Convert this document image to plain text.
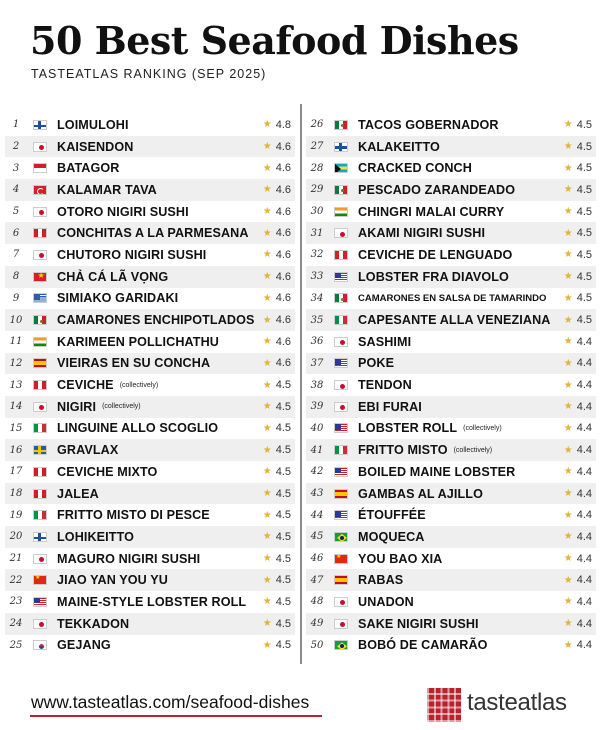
50 Best Seafood Dishes
TASTEATLAS RANKING (SEP 2025)
1	LOIMULOHI	★ 4.8
2	KAISENDON	★ 4.6
3	BATAGOR	★ 4.6
4	KALAMAR TAVA	★ 4.6
5	OTORO NIGIRI SUSHI	★ 4.6
6	CONCHITAS A LA PARMESANA ★ 4.6
7	CHUTORO NIGIRI SUSHI	★ 4.6
8 ★	CHẢ CÁ LÃ VỌNG	★ 4.6
9	SIMIAKO GARIDAKI	★ 4.6
10	CAMARONES ENCHIPOTLADOS ★ 4.6
11	KARIMEEN POLLICHATHU	★ 4.6
12	VIEIRAS EN SU CONCHA	★ 4.6
13	CEVICHE (collectively)	★ 4.5
14	NIGIRI (collectively)	★ 4.5
15	LINGUINE ALLO SCOGLIO	★ 4.5
16	GRAVLAX	★ 4.5
17	CEVICHE MIXTO	★ 4.5
18	JALEA	★ 4.5
19	FRITTO MISTO DI PESCE	★ 4.5
20	LOHIKEITTO	★ 4.5
21	MAGURO NIGIRI SUSHI	★ 4.5
22 ★	JIAO YAN YOU YU	★ 4.5
23	MAINE-STYLE LOBSTER ROLL ★ 4.5
24	TEKKADON	★ 4.5
25	GEJANG	★ 4.5
26	TACOS GOBERNADOR	★ 4.5
27	KALAKEITTO	★ 4.5
28	CRACKED CONCH	★ 4.5
29	PESCADO ZARANDEADO	★ 4.5
30	CHINGRI MALAI CURRY	★ 4.5
31	AKAMI NIGIRI SUSHI	★ 4.5
32	CEVICHE DE LENGUADO	★ 4.5
33	LOBSTER FRA DIAVOLO	★ 4.5
34	CAMARONES EN SALSA DE TAMARINDO ★ 4.5
35	CAPESANTE ALLA VENEZIANA ★ 4.5
36	SASHIMI	★ 4.4
37	POKE	★ 4.4
38	TENDON	★ 4.4
39	EBI FURAI	★ 4.4
40	LOBSTER ROLL (collectively)	★ 4.4
41	FRITTO MISTO (collectively)	★ 4.4
42	BOILED MAINE LOBSTER	★ 4.4
43	GAMBAS AL AJILLO	★ 4.4
44	ÉTOUFFÉE	★ 4.4
45	MOQUECA	★ 4.4
46 ★	YOU BAO XIA	★ 4.4
47	RABAS	★ 4.4
48	UNADON	★ 4.4
49	SAKE NIGIRI SUSHI	★ 4.4
50	BOBÓ DE CAMARÃO	★ 4.4
www.tasteatlas.com/seafood-dishes	tasteatlas
